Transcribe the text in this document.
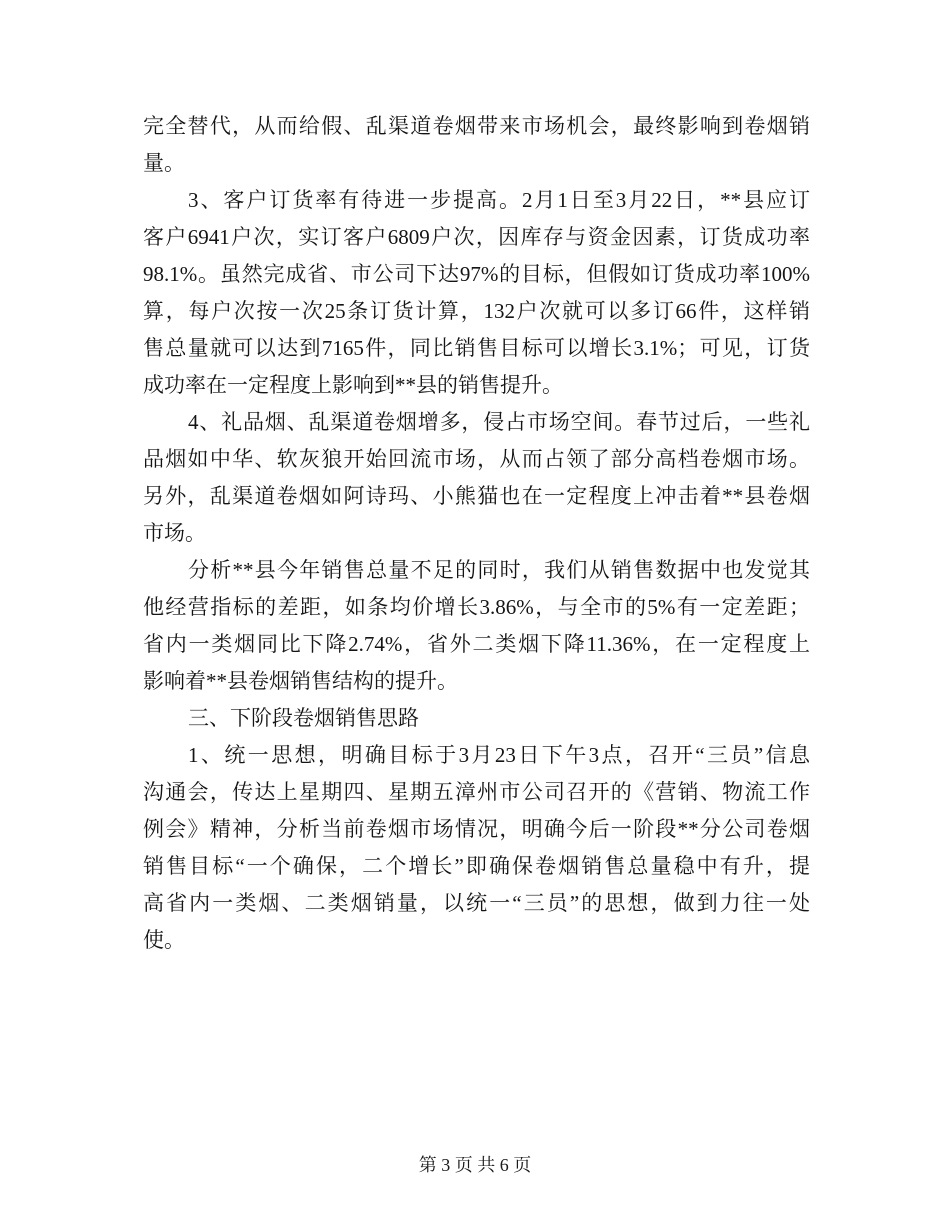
完全替代，从而给假、乱渠道卷烟带来市场机会，最终影响到卷烟销
量。
3、客户订货率有待进一步提高。2月1日至3月22日，**县应订
客户6941户次，实订客户6809户次，因库存与资金因素，订货成功率
98.1%。虽然完成省、市公司下达97%的目标，但假如订货成功率100%
算，每户次按一次25条订货计算，132户次就可以多订66件，这样销
售总量就可以达到7165件，同比销售目标可以增长3.1%；可见，订货
成功率在一定程度上影响到**县的销售提升。
4、礼品烟、乱渠道卷烟增多，侵占市场空间。春节过后，一些礼
品烟如中华、软灰狼开始回流市场，从而占领了部分高档卷烟市场。
另外，乱渠道卷烟如阿诗玛、小熊猫也在一定程度上冲击着**县卷烟
市场。
分析**县今年销售总量不足的同时，我们从销售数据中也发觉其
他经营指标的差距，如条均价增长3.86%，与全市的5%有一定差距；
省内一类烟同比下降2.74%，省外二类烟下降11.36%，在一定程度上
影响着**县卷烟销售结构的提升。
三、下阶段卷烟销售思路
1、统一思想，明确目标于3月23日下午3点，召开“三员”信息
沟通会，传达上星期四、星期五漳州市公司召开的《营销、物流工作
例会》精神，分析当前卷烟市场情况，明确今后一阶段**分公司卷烟
销售目标“一个确保，二个增长”即确保卷烟销售总量稳中有升，提
高省内一类烟、二类烟销量，以统一“三员”的思想，做到力往一处
使。
第 3 页 共 6 页
